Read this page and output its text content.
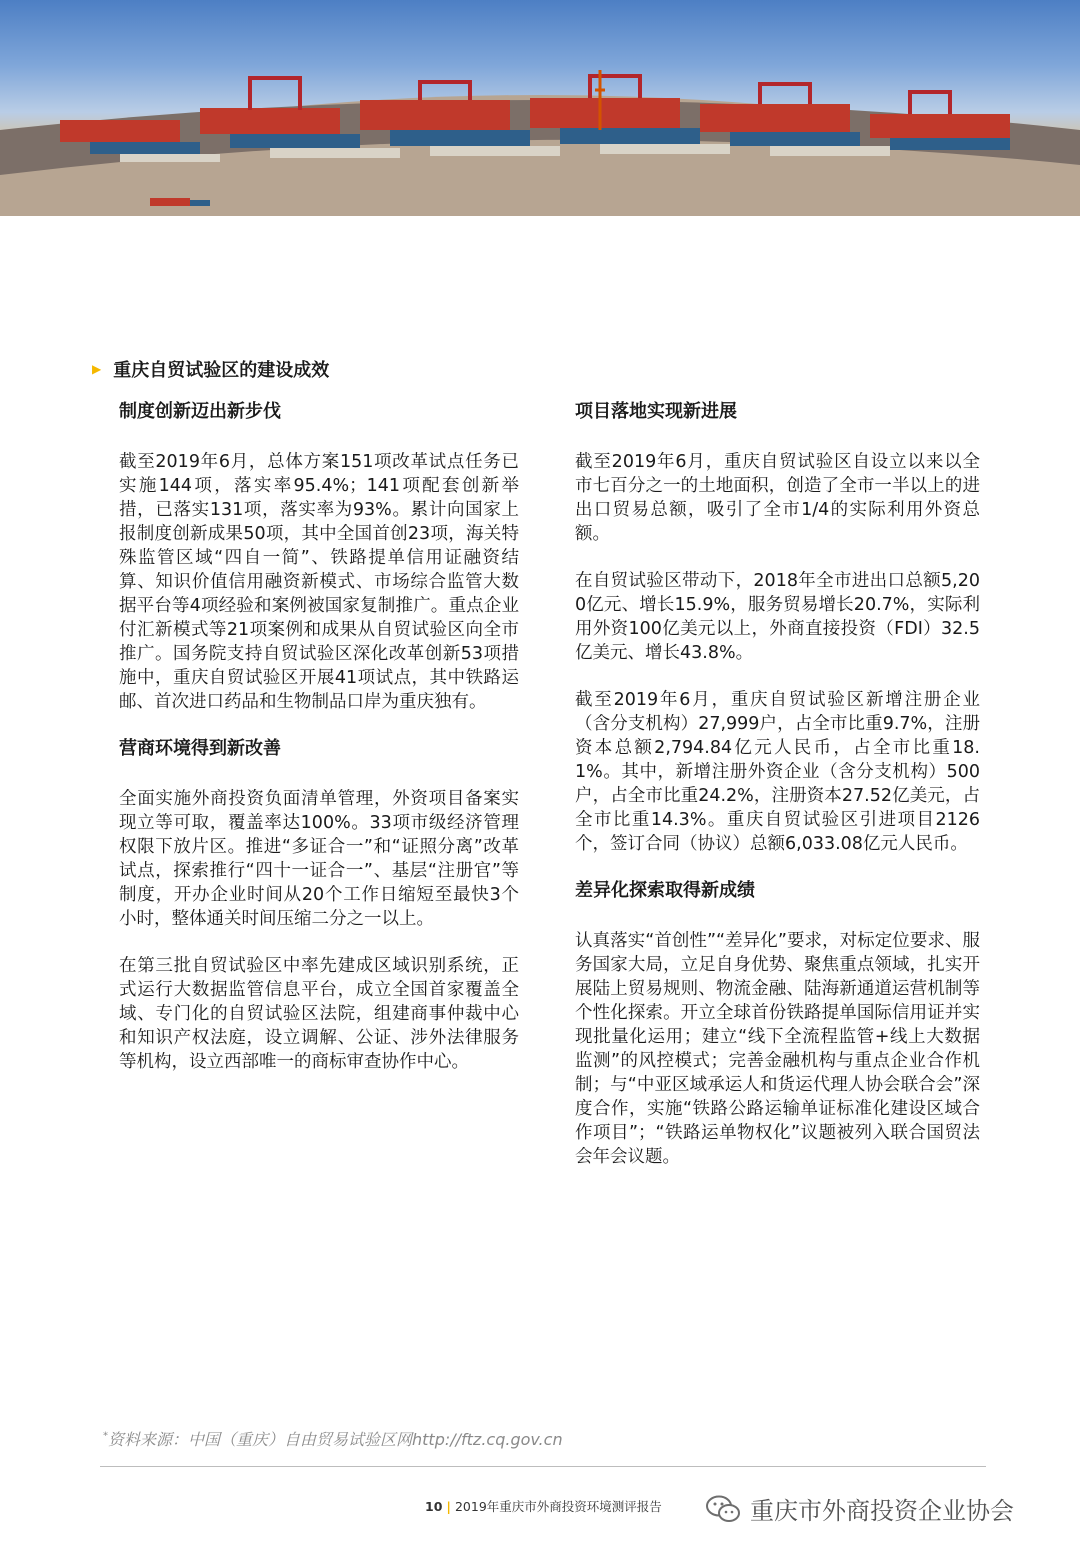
▶ 重庆自贸试验区的建设成效
制度创新迈出新步伐

截至2019年6月，总体方案151项改革试点任务已实施144项，落实率95.4%；141项配套创新举措，已落实131项，落实率为93%。累计向国家上报制度创新成果50项，其中全国首创23项，海关特殊监管区域“四自一简”、铁路提单信用证融资结算、知识价值信用融资新模式、市场综合监管大数据平台等4项经验和案例被国家复制推广。重点企业付汇新模式等21项案例和成果从自贸试验区向全市推广。国务院支持自贸试验区深化改革创新53项措施中，重庆自贸试验区开展41项试点，其中铁路运邮、首次进口药品和生物制品口岸为重庆独有。

营商环境得到新改善

全面实施外商投资负面清单管理，外资项目备案实现立等可取，覆盖率达100%。33项市级经济管理权限下放片区。推进“多证合一”和“证照分离”改革试点，探索推行“四十一证合一”、基层“注册官”等制度，开办企业时间从20个工作日缩短至最快3个小时，整体通关时间压缩二分之一以上。

在第三批自贸试验区中率先建成区域识别系统，正式运行大数据监管信息平台，成立全国首家覆盖全域、专门化的自贸试验区法院，组建商事仲裁中心和知识产权法庭，设立调解、公证、涉外法律服务等机构，设立西部唯一的商标审查协作中心。

项目落地实现新进展

截至2019年6月，重庆自贸试验区自设立以来以全市七百分之一的土地面积，创造了全市一半以上的进出口贸易总额，吸引了全市1/4的实际利用外资总额。

在自贸试验区带动下，2018年全市进出口总额5,200亿元、增长15.9%，服务贸易增长20.7%，实际利用外资100亿美元以上，外商直接投资（FDI）32.5亿美元、增长43.8%。

截至2019年6月，重庆自贸试验区新增注册企业（含分支机构）27,999户，占全市比重9.7%，注册资本总额2,794.84亿元人民币，占全市比重18.1%。其中，新增注册外资企业（含分支机构）500户，占全市比重24.2%，注册资本27.52亿美元，占全市比重14.3%。重庆自贸试验区引进项目2126个，签订合同（协议）总额6,033.08亿元人民币。

差异化探索取得新成绩

认真落实“首创性”“差异化”要求，对标定位要求、服务国家大局，立足自身优势、聚焦重点领域，扎实开展陆上贸易规则、物流金融、陆海新通道运营机制等个性化探索。开立全球首份铁路提单国际信用证并实现批量化运用；建立“线下全流程监管+线上大数据监测”的风控模式；完善金融机构与重点企业合作机制；与“中亚区域承运人和货运代理人协会联合会”深度合作，实施“铁路公路运输单证标准化建设区域合作项目”；“铁路运单物权化”议题被列入联合国贸法会年会议题。

*资料来源：中国（重庆）自由贸易试验区网http://ftz.cq.gov.cn
10 | 2019年重庆市外商投资环境测评报告	重庆市外商投资企业协会
